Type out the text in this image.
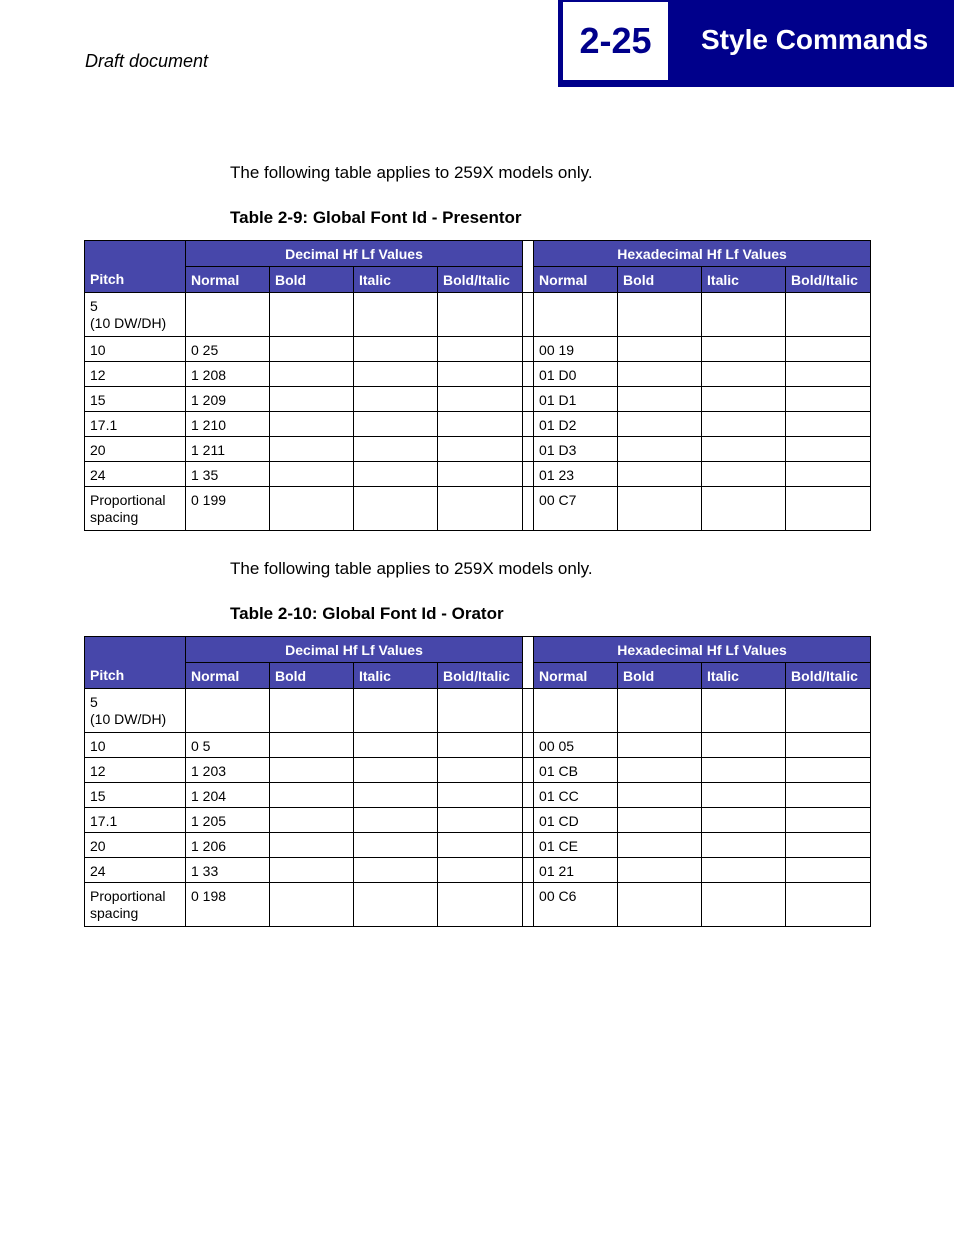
Draft document	2-25 Style Commands
The following table applies to 259X models only.
Table 2-9: Global Font Id - Presentor
Pitch	Decimal Hf Lf Values					Hexadecimal Hf Lf Values			
	Normal	Bold	Italic	Bold/Italic		Normal	Bold	Italic	Bold/Italic
5
(10 DW/DH)									
10	0 25					00 19			
12	1 208					01 D0			
15	1 209					01 D1			
17.1	1 210					01 D2			
20	1 211					01 D3			
24	1 35					01 23			
Proportional
spacing	0 199					00 C7			
The following table applies to 259X models only.
Table 2-10: Global Font Id - Orator
Pitch	Decimal Hf Lf Values					Hexadecimal Hf Lf Values			
	Normal	Bold	Italic	Bold/Italic		Normal	Bold	Italic	Bold/Italic
5
(10 DW/DH)									
10	0 5					00 05			
12	1 203					01 CB			
15	1 204					01 CC			
17.1	1 205					01 CD			
20	1 206					01 CE			
24	1 33					01 21			
Proportional
spacing	0 198					00 C6			
